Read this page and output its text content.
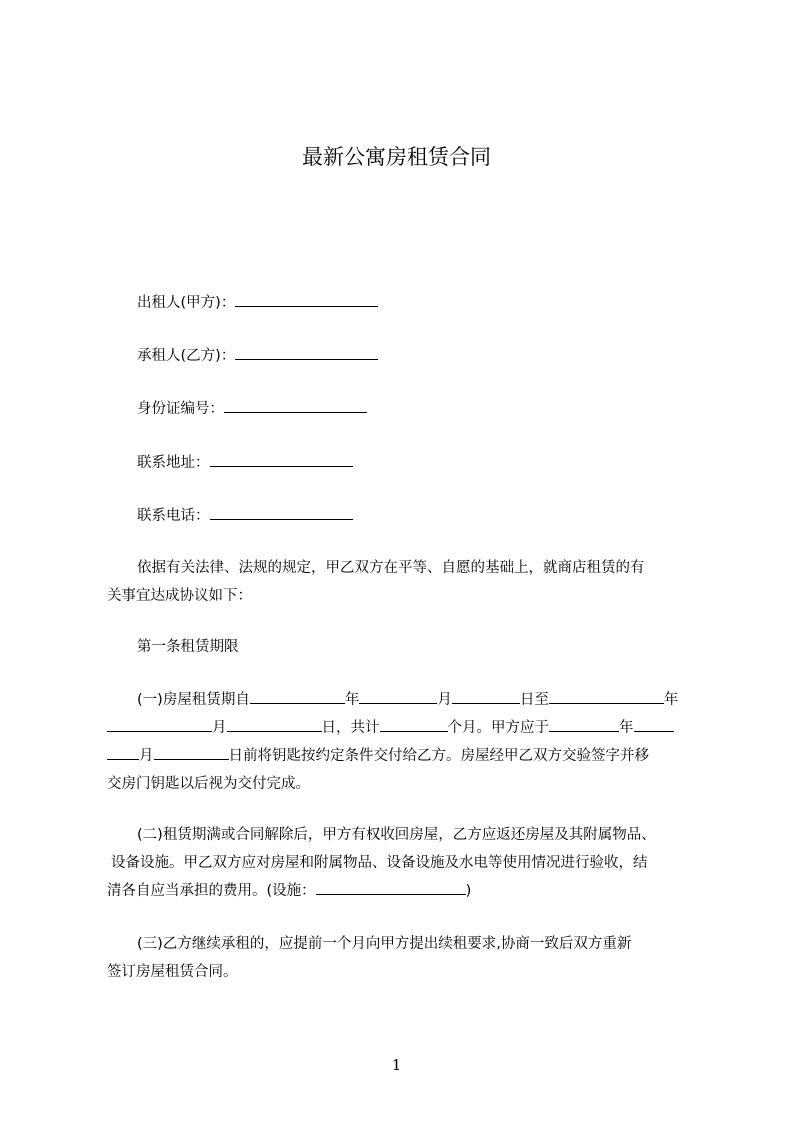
最新公寓房租赁合同
出租人(甲方)：
承租人(乙方)：
身份证编号：
联系地址：
联系电话：
依据有关法律、法规的规定，甲乙双方在平等、自愿的基础上，就商店租赁的有
关事宜达成协议如下：
第一条租赁期限
(一)房屋租赁期自	年	月	日至	年
月	日，共计	个月。甲方应于	年
月	日前将钥匙按约定条件交付给乙方。房屋经甲乙双方交验签字并移
交房门钥匙以后视为交付完成。
(二)租赁期满或合同解除后，甲方有权收回房屋，乙方应返还房屋及其附属物品、
设备设施。甲乙双方应对房屋和附属物品、设备设施及水电等使用情况进行验收，结
清各自应当承担的费用。(设施：	)
(三)乙方继续承租的，应提前一个月向甲方提出续租要求,协商一致后双方重新
签订房屋租赁合同。
1
